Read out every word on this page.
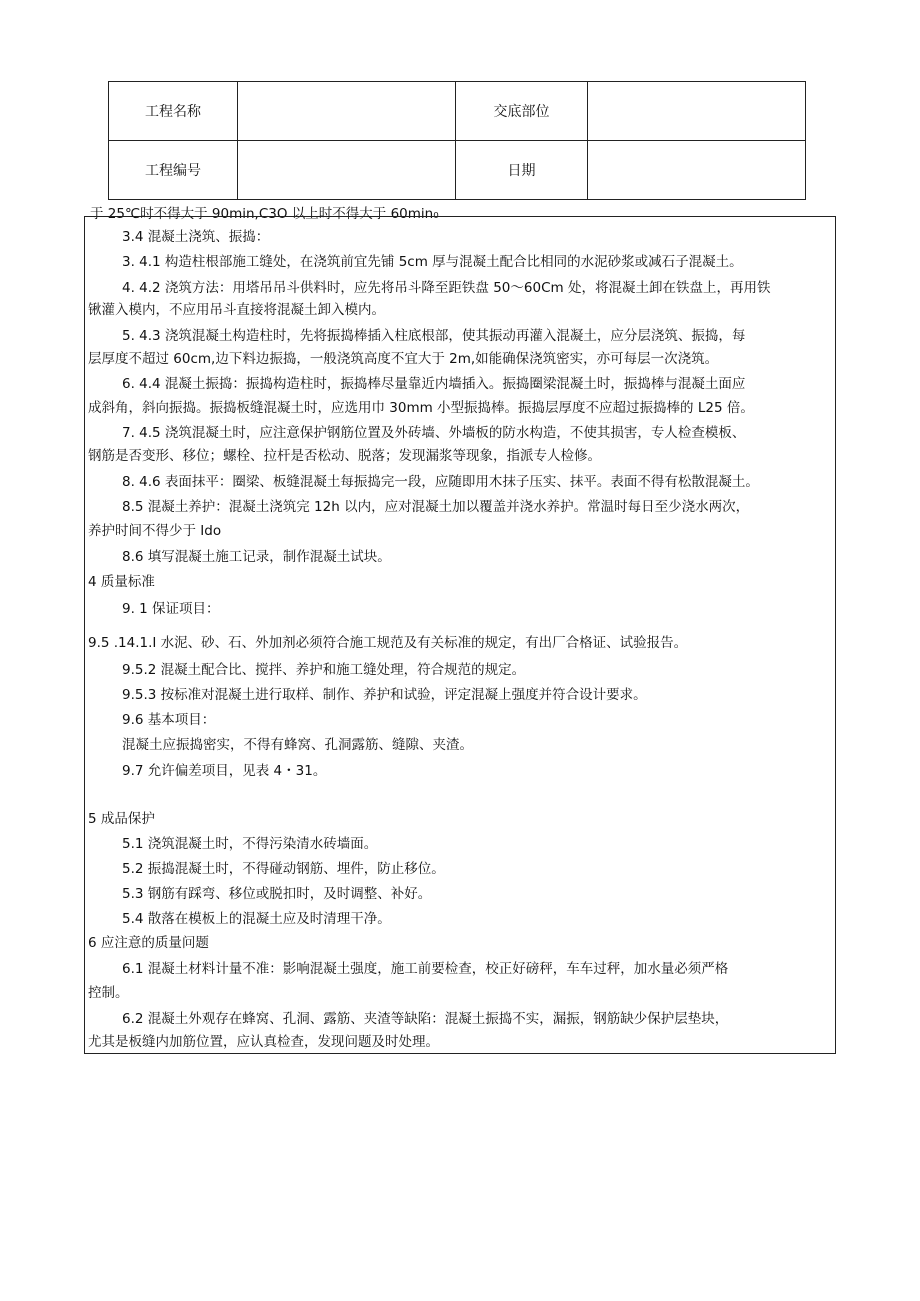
工程名称		交底部位	
工程编号		日期	
于 25℃时不得大于 90min,C3O 以上时不得大于 60min₀
3.4 混凝土浇筑、振捣：
3. 4.1 构造柱根部施工缝处，在浇筑前宜先铺 5cm 厚与混凝土配合比相同的水泥砂浆或减石子混凝土。
4. 4.2 浇筑方法：用塔吊吊斗供料时，应先将吊斗降至距铁盘 50～60Cm 处，将混凝土卸在铁盘上，再用铁
锹灌入模内，不应用吊斗直接将混凝土卸入模内。
5. 4.3 浇筑混凝土构造柱时，先将振捣棒插入柱底根部，使其振动再灌入混凝土，应分层浇筑、振捣，每
层厚度不超过 60cm,边下料边振捣，一般浇筑高度不宜大于 2m,如能确保浇筑密实，亦可每层一次浇筑。
6. 4.4 混凝土振捣：振捣构造柱时，振捣棒尽量靠近内墙插入。振捣圈梁混凝土时，振捣棒与混凝土面应
成斜角，斜向振捣。振捣板缝混凝土时，应选用巾 30mm 小型振捣棒。振捣层厚度不应超过振捣棒的 L25 倍。
7. 4.5 浇筑混凝土时，应注意保护钢筋位置及外砖墙、外墙板的防水构造，不使其损害，专人检查模板、
钢筋是否变形、移位；螺栓、拉杆是否松动、脱落；发现漏浆等现象，指派专人检修。
8. 4.6 表面抹平：圈梁、板缝混凝土每振捣完一段，应随即用木抹子压实、抹平。表面不得有松散混凝土。
8.5 混凝土养护：混凝土浇筑完 12h 以内，应对混凝土加以覆盖并浇水养护。常温时每日至少浇水两次，
养护时间不得少于 Ido
8.6 填写混凝土施工记录，制作混凝土试块。
4 质量标准
9. 1 保证项目：
9.5 .14.1.I 水泥、砂、石、外加剂必须符合施工规范及有关标准的规定，有出厂合格证、试验报告。
9.5.2 混凝土配合比、搅拌、养护和施工缝处理，符合规范的规定。
9.5.3 按标准对混凝土进行取样、制作、养护和试验，评定混凝上强度并符合设计要求。
9.6 基本项目：
混凝土应振捣密实，不得有蜂窝、孔洞露筋、缝隙、夹渣。
9.7 允许偏差项目，见表 4・31。
5 成品保护
5.1 浇筑混凝土时，不得污染清水砖墙面。
5.2 振捣混凝土时，不得碰动钢筋、埋件，防止移位。
5.3 钢筋有踩弯、移位或脱扣时，及时调整、补好。
5.4 散落在模板上的混凝土应及时清理干净。
6 应注意的质量问题
6.1 混凝土材料计量不准：影响混凝土强度，施工前要检查，校正好磅秤，车车过秤，加水量必须严格
控制。
6.2 混凝土外观存在蜂窝、孔洞、露筋、夹渣等缺陷：混凝土振捣不实，漏振，钢筋缺少保护层垫块，
尤其是板缝内加筋位置，应认真检查，发现问题及时处理。
